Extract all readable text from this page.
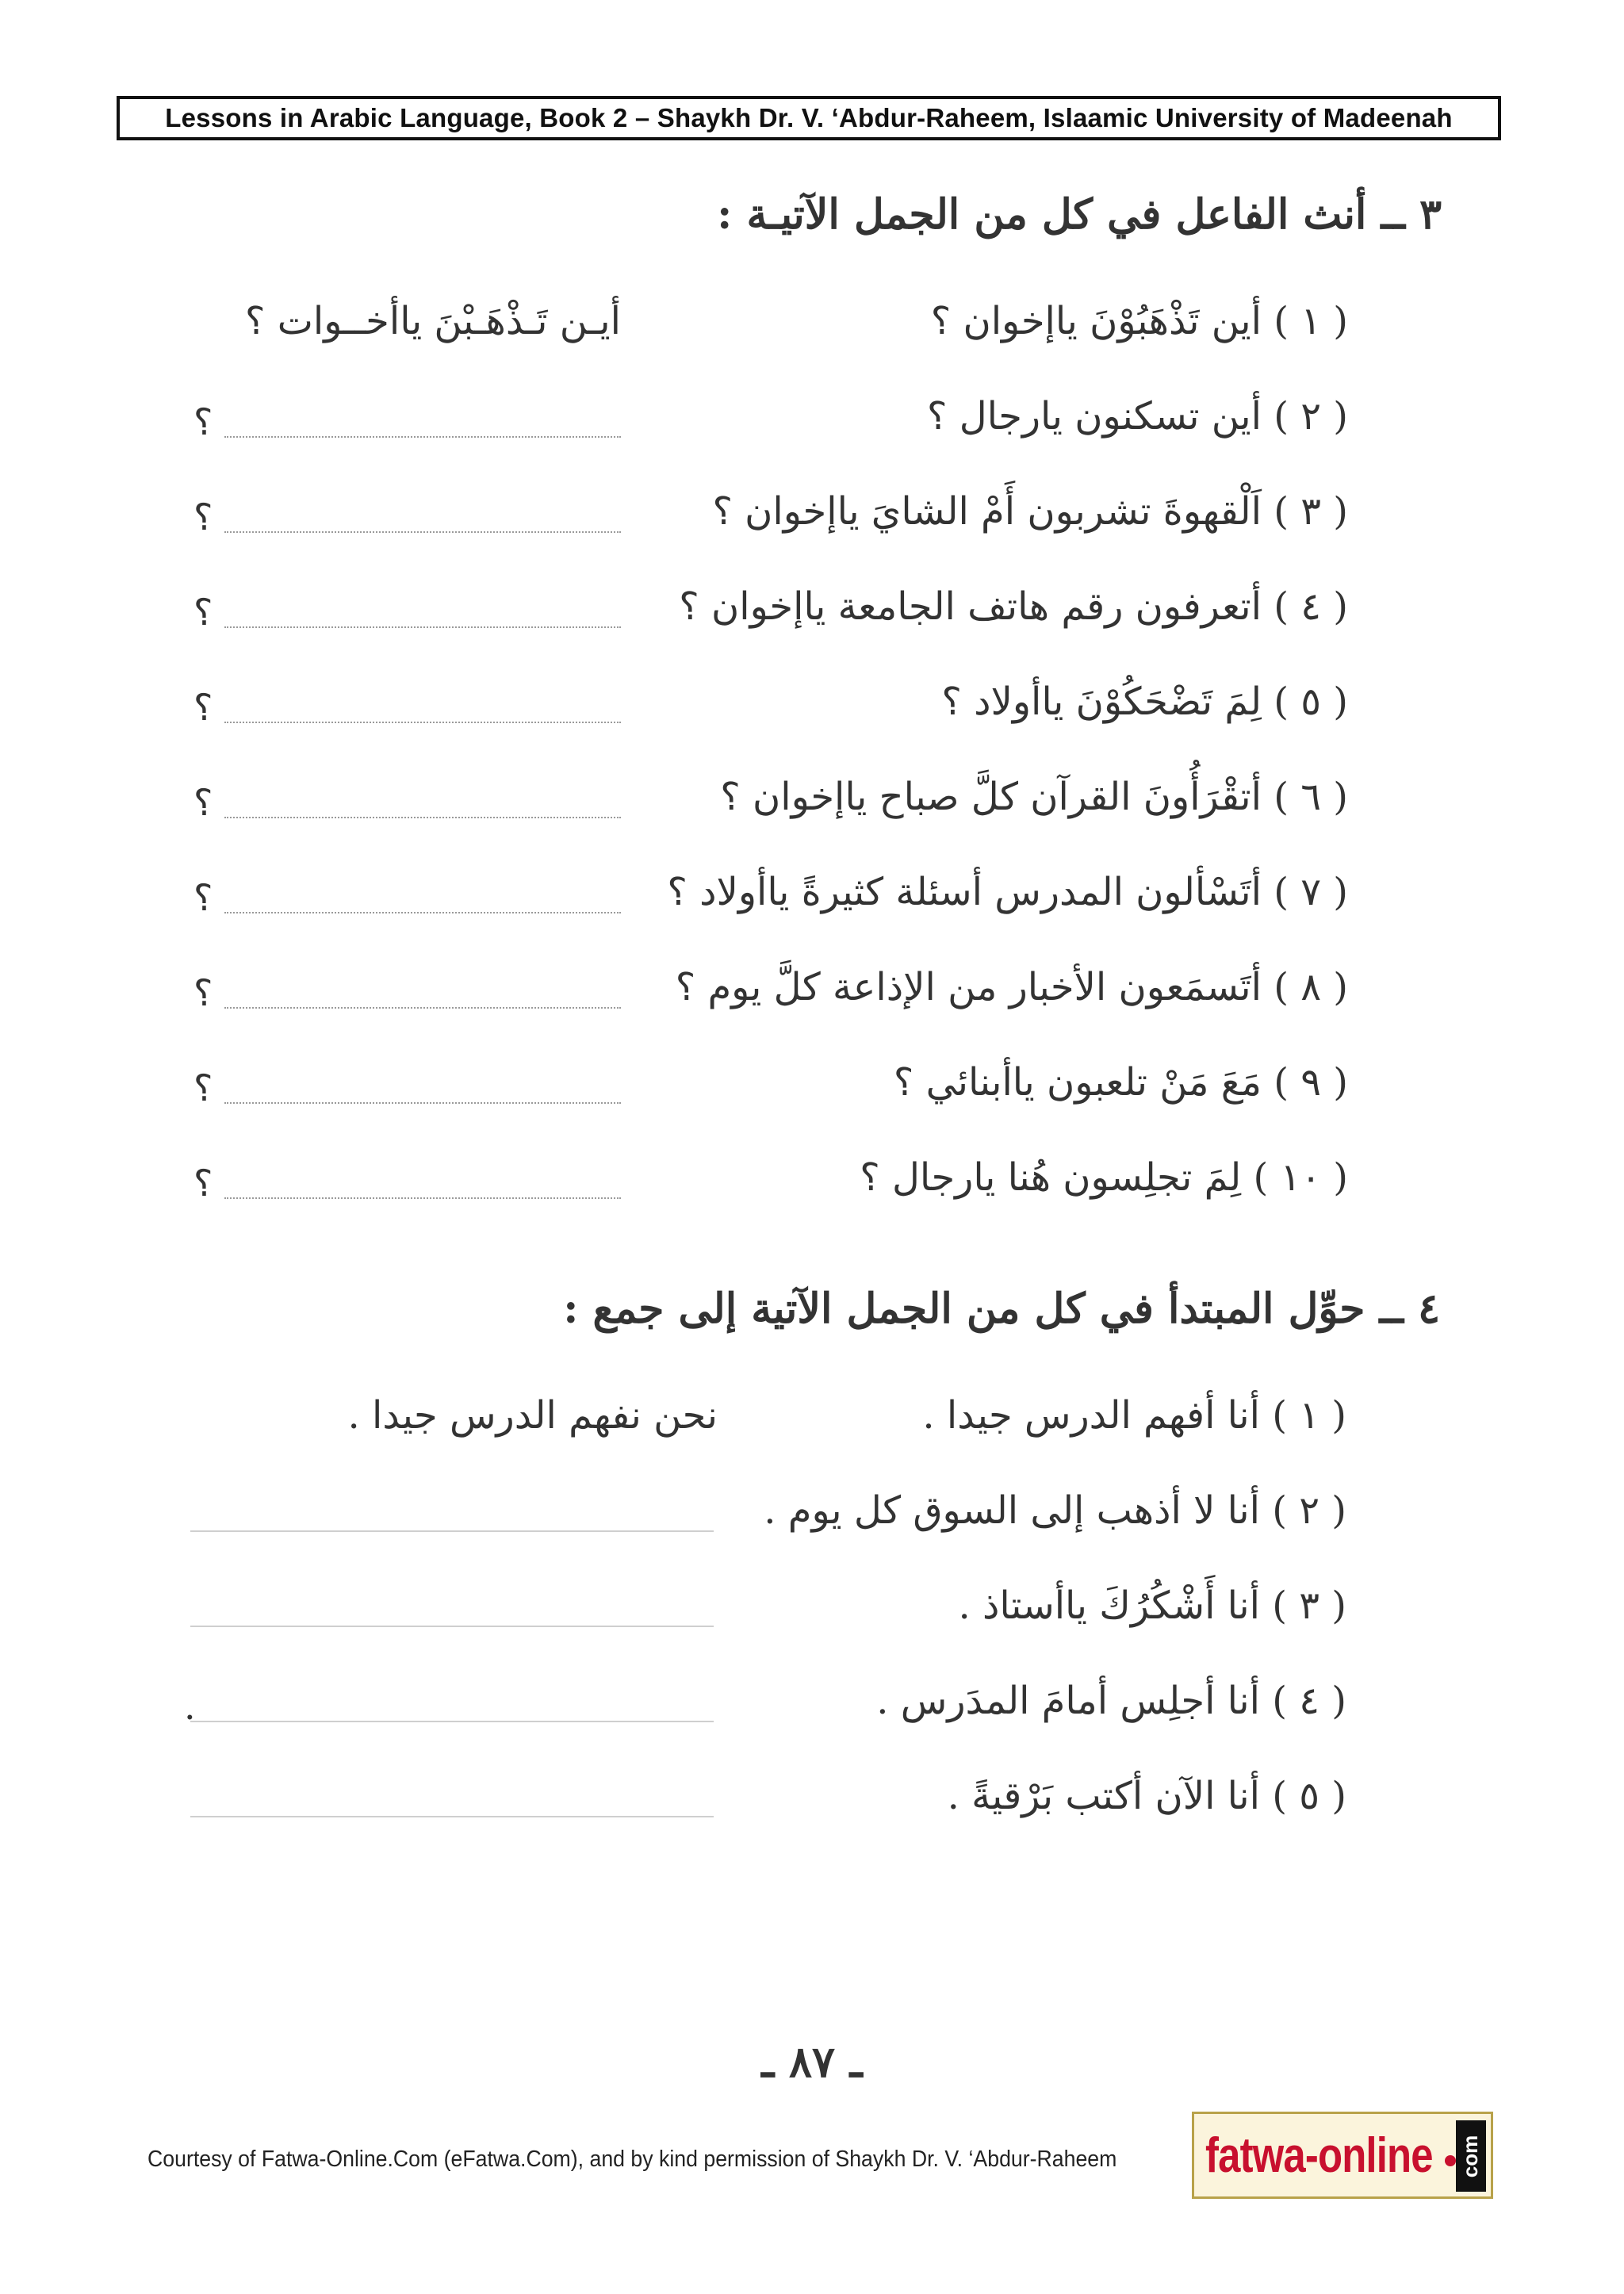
Lessons in Arabic Language, Book 2 – Shaykh Dr. V. ‘Abdur-Raheem, Islaamic University of Madeenah
٣ ــ أنث الفاعل في كل من الجمل الآتيـة :
( ١ ) أين تَذْهَبُوْنَ ياإخوان ؟
أيـن تَـذْهَـبْنَ ياأخــوات ؟
( ٢ ) أين تسكنون يارجال ؟
؟
( ٣ ) اَلْقهوةَ تشربون أَمْ الشايَ ياإخوان ؟
؟
( ٤ ) أتعرفون رقم هاتف الجامعة ياإخوان ؟
؟
( ٥ ) لِمَ تَضْحَكُوْنَ ياأولاد ؟
؟
( ٦ ) أتقْرَأُونَ القرآن كلَّ صباح ياإخوان ؟
؟
( ٧ ) أتَسْألون المدرس أسئلة كثيرةً ياأولاد ؟
؟
( ٨ ) أتَسمَعون الأخبار من الإذاعة كلَّ يوم ؟
؟
( ٩ ) مَعَ مَنْ تلعبون ياأبنائي ؟
؟
( ١٠ ) لِمَ تجلِسون هُنا يارجال ؟
؟
٤ ــ حوِّل المبتدأ في كل من الجمل الآتية إلى جمع :
( ١ ) أنا أفهم الدرس جيدا .
نحن نفهم الدرس جيدا .
( ٢ ) أنا لا أذهب إلى السوق كل يوم .
( ٣ ) أنا أَشْكُرُكَ ياأستاذ .
( ٤ ) أنا أجلِس أمامَ المدَرس .
.
( ٥ ) أنا الآن أكتب بَرْقيةً .
ـ ٨٧ ـ
Courtesy of Fatwa-Online.Com (eFatwa.Com), and by kind permission of Shaykh Dr. V. ‘Abdur-Raheem fatwa-online com
